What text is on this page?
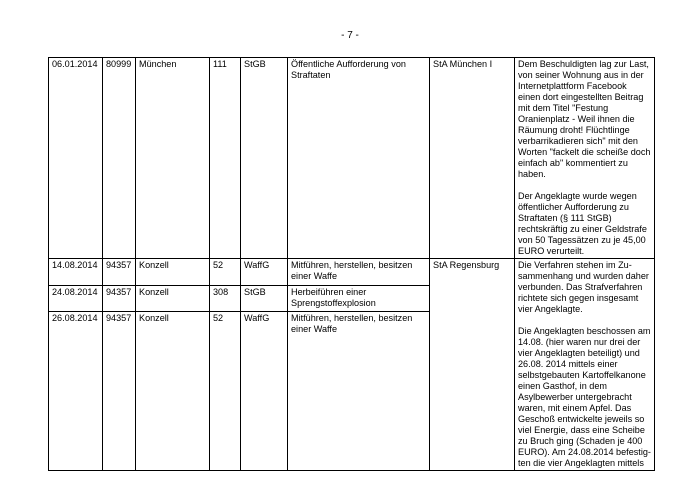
- 7 -
06.01.2014	80999	München	111	StGB	Öffentliche Aufforderung von Straftaten	StA München I	Dem Beschuldigten lag zur Last, von seiner Wohnung aus in der Internetplattform Facebook einen dort eingestellten Beitrag mit dem Titel "Festung Oranienplatz - Weil ihnen die Räumung droht! Flüchtlinge verbarrikadieren sich" mit den Worten "fackelt die scheiße doch einfach ab" kommentiert zu haben.
Der Angeklagte wurde wegen öffentlicher Aufforderung zu Straftaten (§ 111 StGB) rechtskräftig zu einer Geldstrafe von 50 Tagessätzen zu je 45,00 EURO verurteilt.

14.08.2014	94357	Konzell	52	WaffG	Mitführen, herstellen, besitzen einer Waffe	StA Regensburg	Die Verfahren stehen im Zu-sammenhang und wurden daher verbunden. Das Strafverfahren richtete sich gegen insgesamt vier Angeklagte.
Die Angeklagten beschossen am 14.08. (hier waren nur drei der vier Angeklagten beteiligt) und 26.08. 2014 mittels einer selbstgebauten Kartoffelkanone einen Gasthof, in dem Asylbewerber untergebracht waren, mit einem Apfel. Das Geschoß entwickelte jeweils so viel Energie, dass eine Scheibe zu Bruch ging (Schaden je 400 EURO). Am 24.08.2014 befestig-ten die vier Angeklagten mittels

24.08.2014	94357	Konzell	308	StGB	Herbeiführen einer Sprengstoffexplosion		
26.08.2014	94357	Konzell	52	WaffG	Mitführen, herstellen, besitzen einer Waffe		
